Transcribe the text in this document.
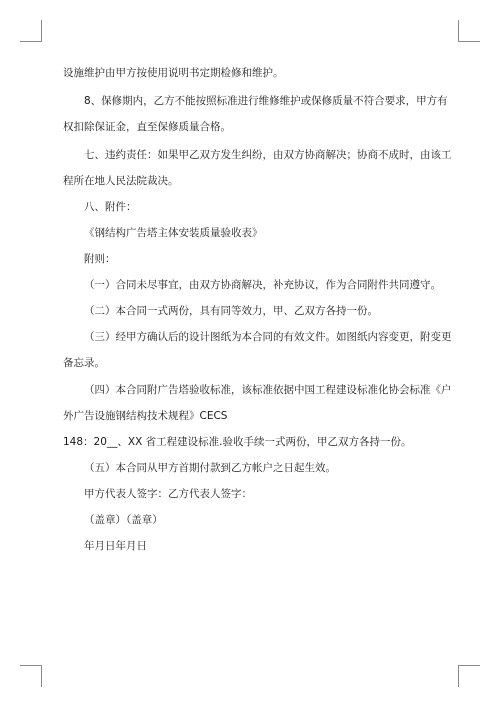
设施维护由甲方按使用说明书定期检修和维护。
8、保修期内，乙方不能按照标准进行维修维护或保修质量不符合要求，甲方有
权扣除保证金，直至保修质量合格。
七、违约责任：如果甲乙双方发生纠纷，由双方协商解决；协商不成时，由该工
程所在地人民法院裁决。
八、附件：
《钢结构广告塔主体安装质量验收表》
附则：
（一）合同未尽事宜，由双方协商解决，补充协议，作为合同附件共同遵守。
（二）本合同一式两份，具有同等效力，甲、乙双方各持一份。
（三）经甲方确认后的设计图纸为本合同的有效文件。如图纸内容变更，附变更
备忘录。
（四）本合同附广告塔验收标准，该标准依据中国工程建设标准化协会标准《户
外广告设施钢结构技术规程》CECS
148：20__、XX 省工程建设标准.验收手续一式两份，甲乙双方各持一份。
（五）本合同从甲方首期付款到乙方帐户之日起生效。
甲方代表人签字：乙方代表人签字：
（盖章）（盖章）
年月日年月日
